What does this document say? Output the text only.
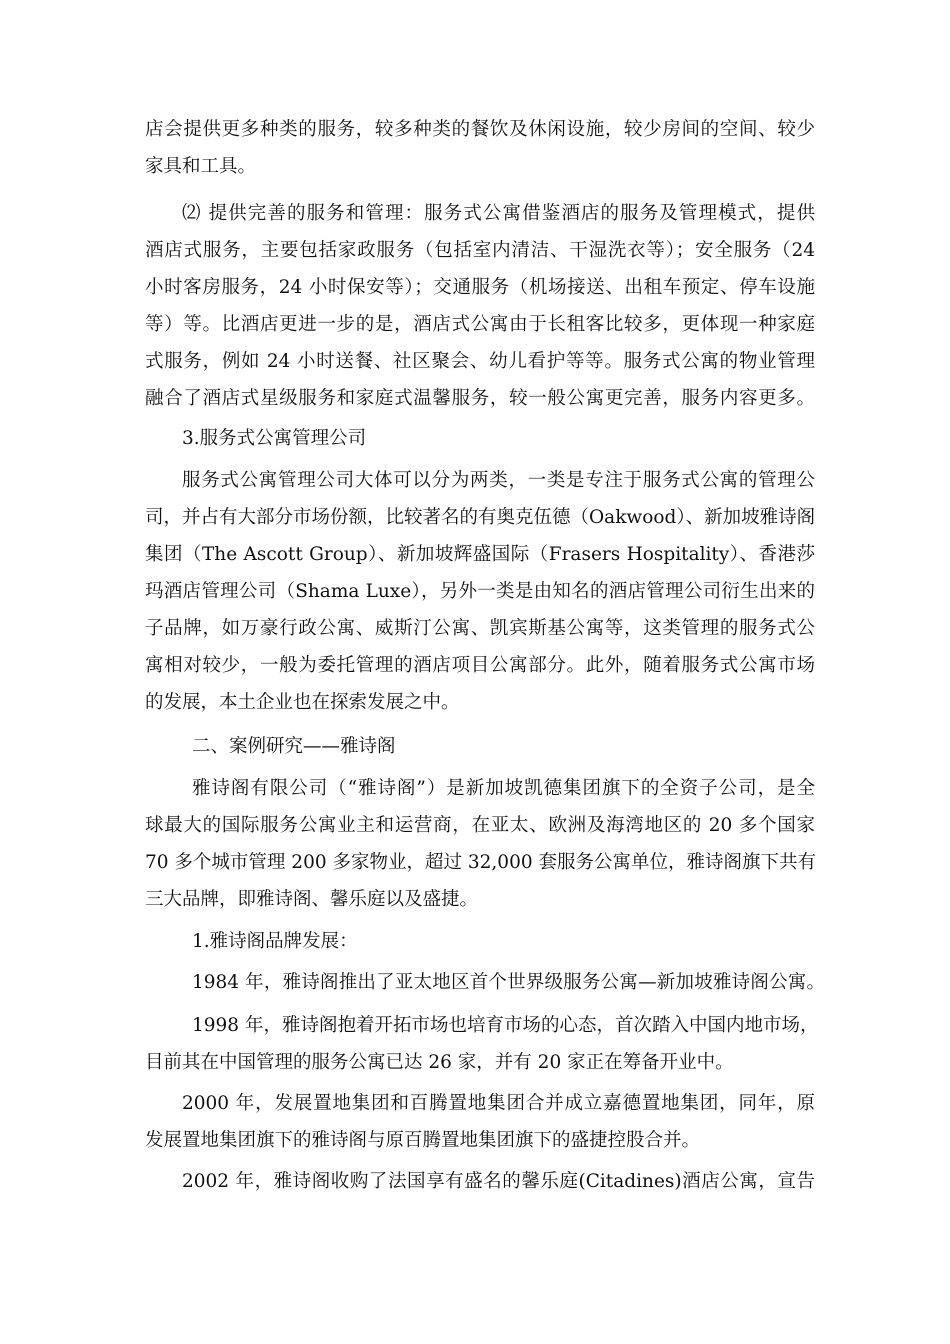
店会提供更多种类的服务，较多种类的餐饮及休闲设施，较少房间的空间、较少
家具和工具。
⑵ 提供完善的服务和管理：服务式公寓借鉴酒店的服务及管理模式，提供
酒店式服务，主要包括家政服务（包括室内清洁、干湿洗衣等）；安全服务（24
小时客房服务，24 小时保安等）；交通服务（机场接送、出租车预定、停车设施
等）等。比酒店更进一步的是，酒店式公寓由于长租客比较多，更体现一种家庭
式服务，例如 24 小时送餐、社区聚会、幼儿看护等等。服务式公寓的物业管理
融合了酒店式星级服务和家庭式温馨服务，较一般公寓更完善，服务内容更多。
3.服务式公寓管理公司
服务式公寓管理公司大体可以分为两类，一类是专注于服务式公寓的管理公
司，并占有大部分市场份额，比较著名的有奥克伍德（Oakwood）、新加坡雅诗阁
集团（The Ascott Group）、新加坡辉盛国际（Frasers Hospitality）、香港莎
玛酒店管理公司（Shama Luxe），另外一类是由知名的酒店管理公司衍生出来的
子品牌，如万豪行政公寓、威斯汀公寓、凯宾斯基公寓等，这类管理的服务式公
寓相对较少，一般为委托管理的酒店项目公寓部分。此外，随着服务式公寓市场
的发展，本土企业也在探索发展之中。
二、案例研究——雅诗阁
雅诗阁有限公司（“雅诗阁”）是新加坡凯德集团旗下的全资子公司，是全
球最大的国际服务公寓业主和运营商，在亚太、欧洲及海湾地区的 20 多个国家
70 多个城市管理 200 多家物业，超过 32,000 套服务公寓单位，雅诗阁旗下共有
三大品牌，即雅诗阁、馨乐庭以及盛捷。
1.雅诗阁品牌发展：
1984 年，雅诗阁推出了亚太地区首个世界级服务公寓—新加坡雅诗阁公寓。
1998 年，雅诗阁抱着开拓市场也培育市场的心态，首次踏入中国内地市场，
目前其在中国管理的服务公寓已达 26 家，并有 20 家正在筹备开业中。
2000 年，发展置地集团和百腾置地集团合并成立嘉德置地集团，同年，原
发展置地集团旗下的雅诗阁与原百腾置地集团旗下的盛捷控股合并。
2002 年，雅诗阁收购了法国享有盛名的馨乐庭(Citadines)酒店公寓，宣告
